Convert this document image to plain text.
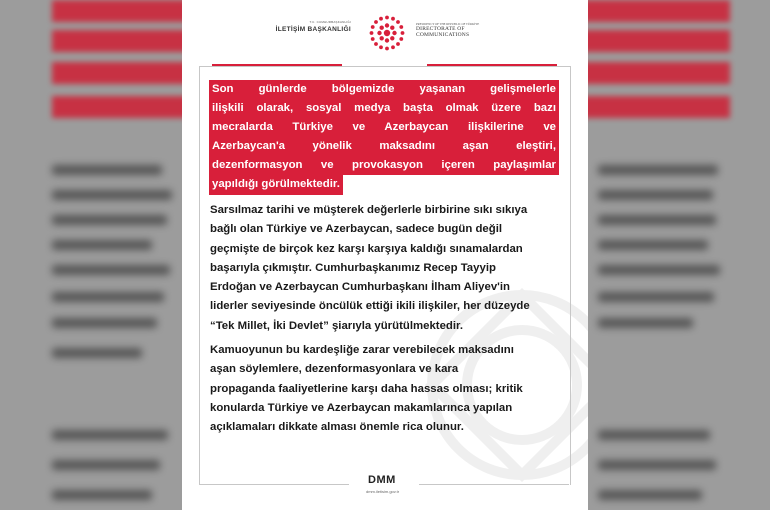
T.C. CUMHURBAŞKANLIĞI
İLETİŞİM BAŞKANLIĞI
PRESIDENCY OF THE REPUBLIC OF TÜRKİYE
DIRECTORATE OF
COMMUNICATIONS
Son günlerde bölgemizde yaşanan gelişmelerle
ilişkili olarak, sosyal medya başta olmak üzere bazı
mecralarda Türkiye ve Azerbaycan ilişkilerine ve
Azerbaycan'a yönelik maksadını aşan eleştiri,
dezenformasyon ve provokasyon içeren paylaşımlar
yapıldığı görülmektedir.
Sarsılmaz tarihi ve müşterek değerlerle birbirine sıkı sıkıya
bağlı olan Türkiye ve Azerbaycan, sadece bugün değil
geçmişte de birçok kez karşı karşıya kaldığı sınamalardan
başarıyla çıkmıştır. Cumhurbaşkanımız Recep Tayyip
Erdoğan ve Azerbaycan Cumhurbaşkanı İlham Aliyev'in
liderler seviyesinde öncülük ettiği ikili ilişkiler, her düzeyde
“Tek Millet, İki Devlet” şiarıyla yürütülmektedir.
Kamuoyunun bu kardeşliğe zarar verebilecek maksadını
aşan söylemlere, dezenformasyonlara ve kara
propaganda faaliyetlerine karşı daha hassas olması; kritik
konularda Türkiye ve Azerbaycan makamlarınca yapılan
açıklamaları dikkate alması önemle rica olunur.
DMM
dmm.iletisim.gov.tr
